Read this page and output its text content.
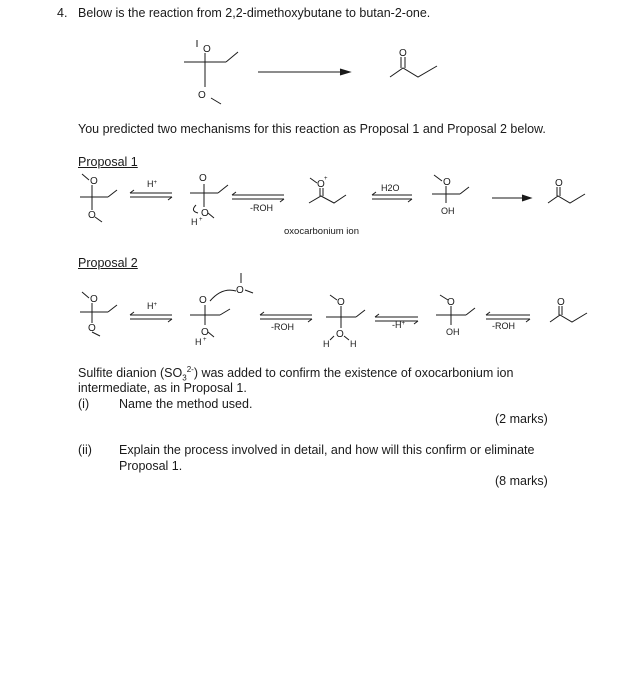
4. Below is the reaction from 2,2-dimethoxybutane to butan-2-one.
O
O
O
You predicted two mechanisms for this reaction as Proposal 1 and Proposal 2 below.
Proposal 1
O
O
H+	O
O
H +
-ROH
O +
H2O	O
OH
O
oxocarbonium ion
Proposal 2
O
O
H+	O
O
O
H +
-ROH
O
O
H H
-H+
O
OH
-ROH
O
Sulfite dianion $(SO_3^{2-})$ was added to confirm the existence of oxocarbonium ion
intermediate, as in Proposal 1.
(i) Name the method used.
(2 marks)
(ii) Explain the process involved in detail, and how will this confirm or eliminate
Proposal 1.
(8 marks)
